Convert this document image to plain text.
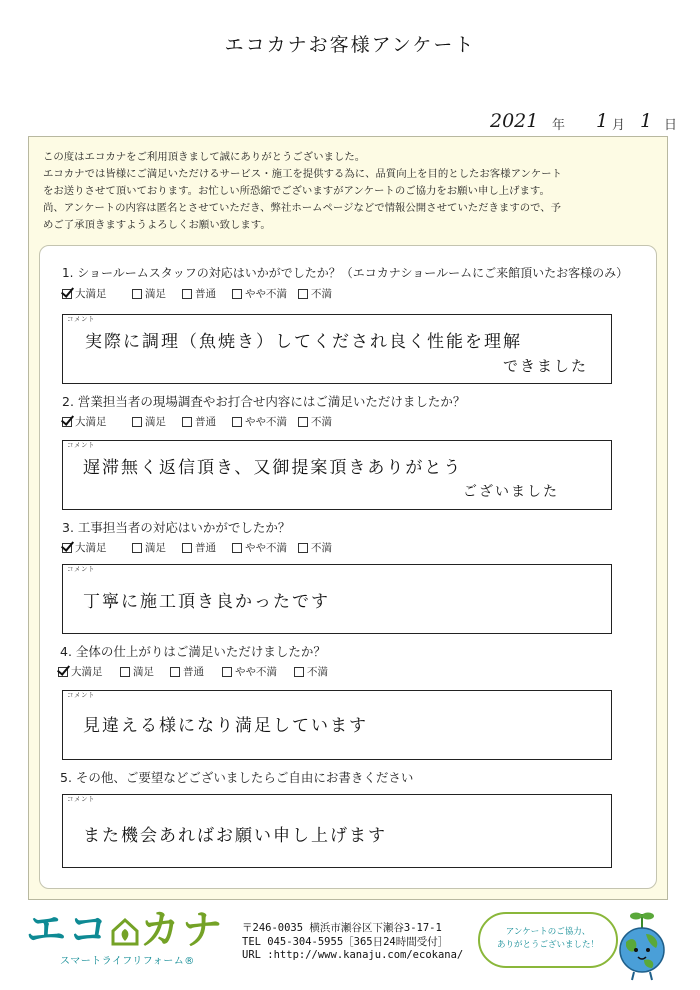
エコカナお客様アンケート
2021 年 1 月 1 日
この度はエコカナをご利用頂きまして誠にありがとうございました。
エコカナでは皆様にご満足いただけるサービス・施工を提供する為に、品質向上を目的としたお客様アンケート
をお送りさせて頂いております。お忙しい所恐縮でございますがアンケートのご協力をお願い申し上げます。
尚、アンケートの内容は匿名とさせていただき、弊社ホームページなどで情報公開させていただきますので、予
めご了承頂きますようよろしくお願い致します。
1. ショールームスタッフの対応はいかがでしたか？（エコカナショールームにご来館頂いたお客様のみ）
大満足	満足	普通	やや不満 不満
コメント
実際に調理（魚焼き）してくだされ良く性能を理解
できました
2. 営業担当者の現場調査やお打合せ内容にはご満足いただけましたか？
大満足	満足	普通	やや不満 不満
コメント
遅滞無く返信頂き、又御提案頂きありがとう
ございました
3. 工事担当者の対応はいかがでしたか？
大満足	満足	普通	やや不満 不満
コメント
丁寧に施工頂き良かったです
4. 全体の仕上がりはご満足いただけましたか？
大満足	満足	普通	やや不満	不満
コメント
見違える様になり満足しています
5. その他、ご要望などございましたらご自由にお書きください
コメント
また機会あればお願い申し上げます
エコ カナ
スマートライフリフォーム®
〒246-0035 横浜市瀬谷区下瀬谷3-17-1
TEL 045-304-5955［365日24時間受付］
URL :http://www.kanaju.com/ecokana/
アンケートのご協力、
ありがとうございました！
